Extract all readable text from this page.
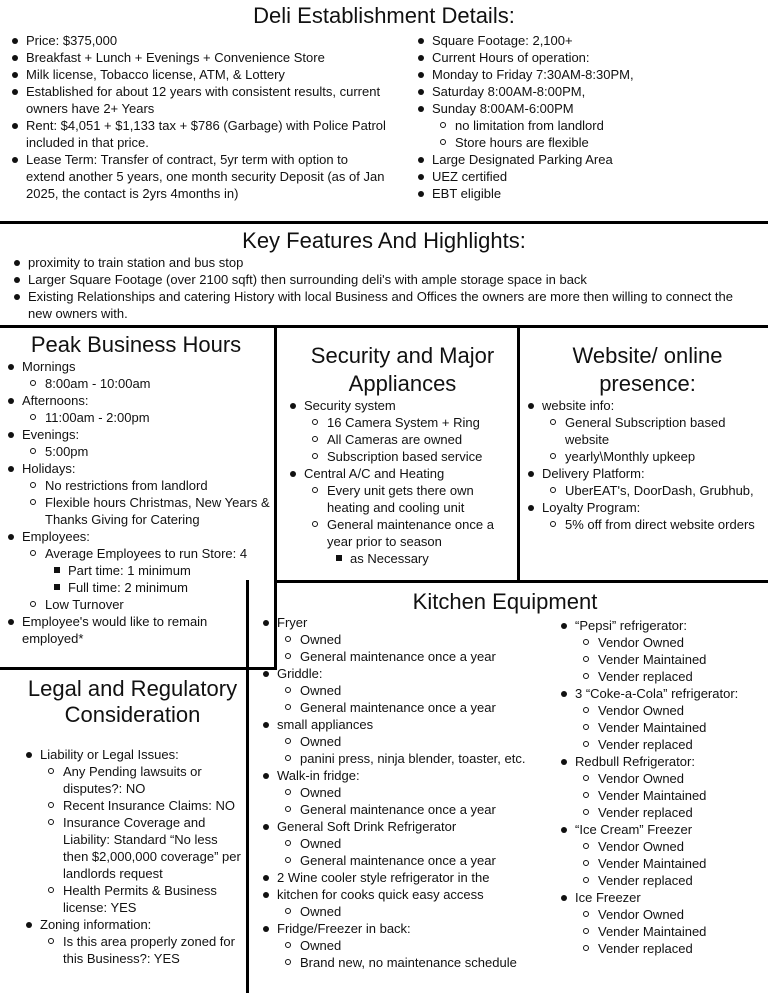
Deli Establishment Details:
Price: $375,000
Breakfast + Lunch + Evenings + Convenience Store
Milk license, Tobacco license, ATM, & Lottery
Established for about 12 years with consistent results, current owners have 2+ Years
Rent: $4,051 + $1,133 tax + $786 (Garbage) with Police Patrol included in that price.
Lease Term: Transfer of contract, 5yr term with option to extend another 5 years, one month security Deposit (as of Jan 2025, the contact is 2yrs 4months in)
Square Footage: 2,100+
Current Hours of operation:
Monday to Friday 7:30AM-8:30PM,
Saturday 8:00AM-8:00PM,
Sunday 8:00AM-6:00PM
no limitation from landlord
Store hours are flexible
Large Designated Parking Area
UEZ certified
EBT eligible
Key Features And Highlights:
proximity to train station and bus stop
Larger Square Footage (over 2100 sqft) then surrounding deli's with ample storage space in back
Existing Relationships and catering History with local Business and Offices the owners are more then willing to connect the new owners with.
Peak Business Hours
Mornings
8:00am - 10:00am
Afternoons:
11:00am - 2:00pm
Evenings:
5:00pm
Holidays:
No restrictions from landlord
Flexible hours Christmas, New Years & Thanks Giving for Catering
Employees:
Average Employees to run Store: 4
Part time: 1 minimum
Full time: 2 minimum
Low Turnover
Employee's would like to remain employed*
Security and Major Appliances
Security system
16 Camera System + Ring
All Cameras are owned
Subscription based service
Central A/C and Heating
Every unit gets there own heating and cooling unit
General maintenance once a year prior to season
as Necessary
Website/ online presence:
website info:
General Subscription based website
yearly\Monthly upkeep
Delivery Platform:
UberEAT's, DoorDash, Grubhub,
Loyalty Program:
5% off from direct website orders
Legal and Regulatory Consideration
Liability or Legal Issues:
Any Pending lawsuits or disputes?: NO
Recent Insurance Claims: NO
Insurance Coverage and Liability: Standard “No less then $2,000,000 coverage” per landlords request
Health Permits & Business license: YES
Zoning information:
Is this area properly zoned for this Business?: YES
Kitchen Equipment
Fryer
Owned
General maintenance once a year
Griddle:
Owned
General maintenance once a year
small appliances
Owned
panini press, ninja blender, toaster, etc.
Walk-in fridge:
Owned
General maintenance once a year
General Soft Drink Refrigerator
Owned
General maintenance once a year
2 Wine cooler style refrigerator in the
kitchen for cooks quick easy access
Owned
Fridge/Freezer in back:
Owned
Brand new, no maintenance schedule
“Pepsi” refrigerator:
Vendor Owned
Vender Maintained
Vender replaced
3 “Coke-a-Cola” refrigerator:
Vendor Owned
Vender Maintained
Vender replaced
Redbull Refrigerator:
Vendor Owned
Vender Maintained
Vender replaced
“Ice Cream” Freezer
Vendor Owned
Vender Maintained
Vender replaced
Ice Freezer
Vendor Owned
Vender Maintained
Vender replaced
